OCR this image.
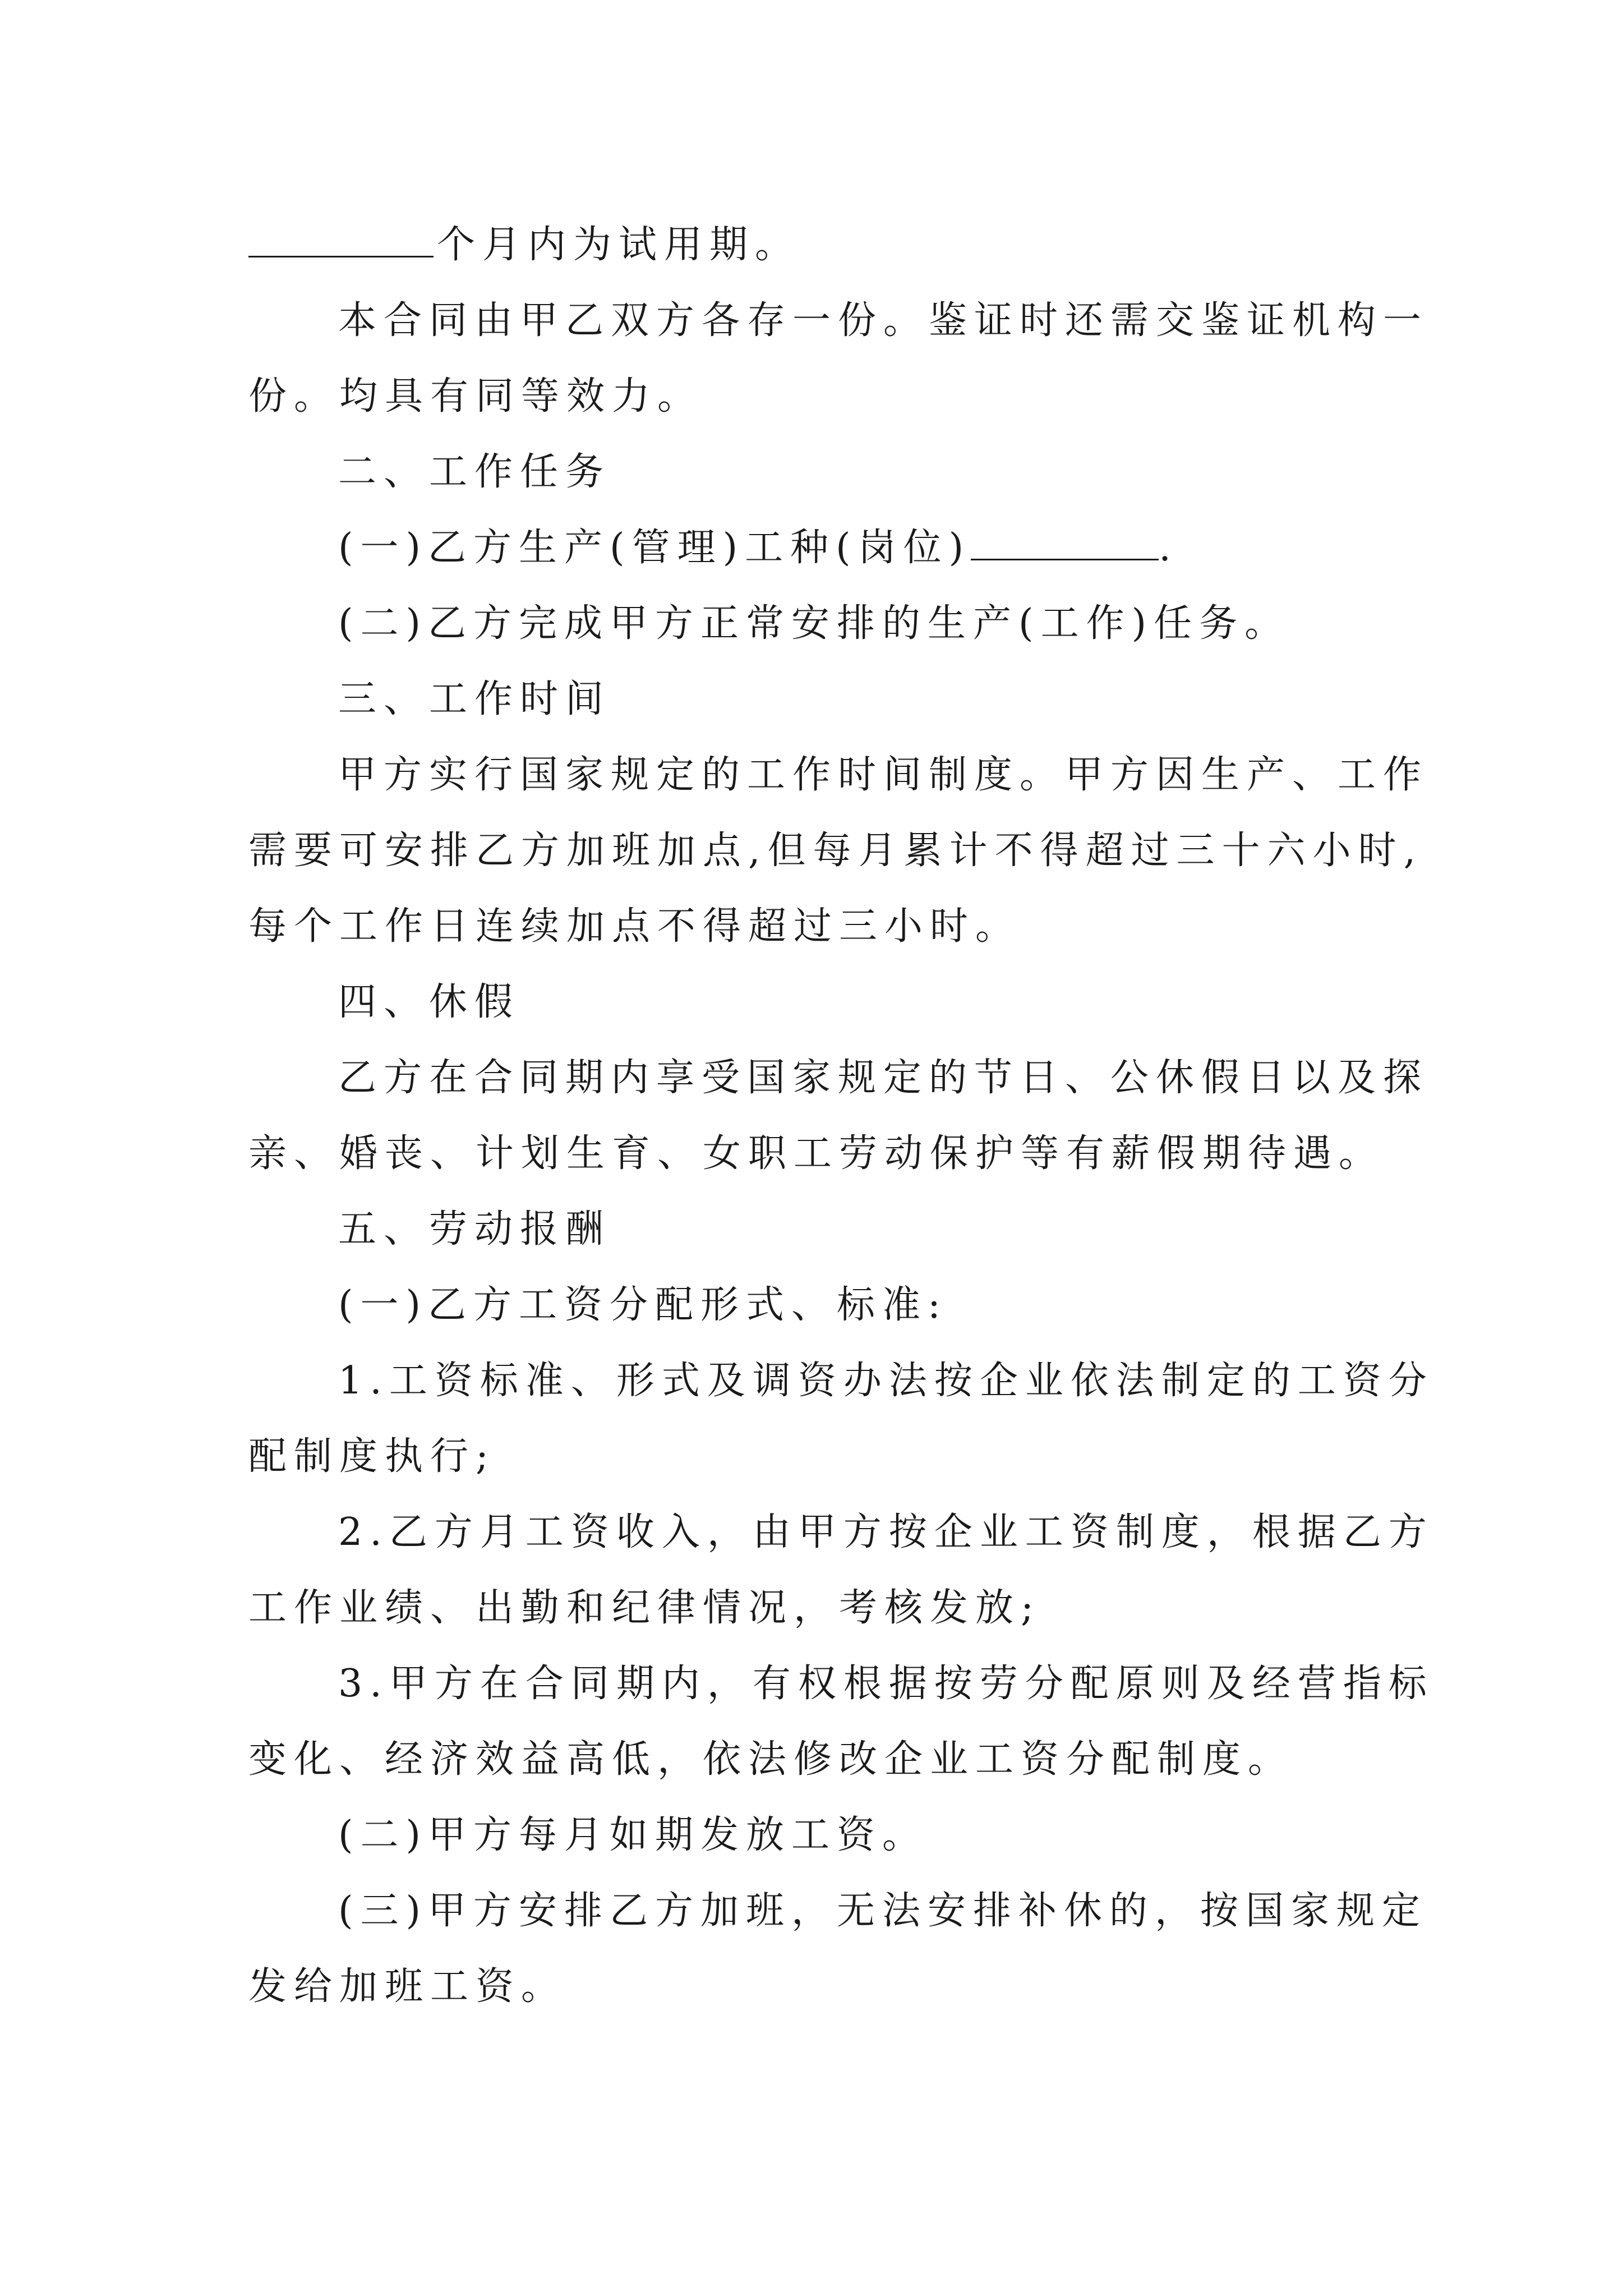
个月内为试用期。
本合同由甲乙双方各存一份。鉴证时还需交鉴证机构一
份。均具有同等效力。
二、工作任务
(一)乙方生产(管理)工种(岗位)	.
(二)乙方完成甲方正常安排的生产(工作)任务。
三、工作时间
甲方实行国家规定的工作时间制度。甲方因生产、工作
需要可安排乙方加班加点,但每月累计不得超过三十六小时,
每个工作日连续加点不得超过三小时。
四、休假
乙方在合同期内享受国家规定的节日、公休假日以及探
亲、婚丧、计划生育、女职工劳动保护等有薪假期待遇。
五、劳动报酬
(一)乙方工资分配形式、标准:
1.工资标准、形式及调资办法按企业依法制定的工资分
配制度执行;
2.乙方月工资收入，由甲方按企业工资制度，根据乙方
工作业绩、出勤和纪律情况，考核发放;
3.甲方在合同期内，有权根据按劳分配原则及经营指标
变化、经济效益高低，依法修改企业工资分配制度。
(二)甲方每月如期发放工资。
(三)甲方安排乙方加班，无法安排补休的，按国家规定
发给加班工资。
